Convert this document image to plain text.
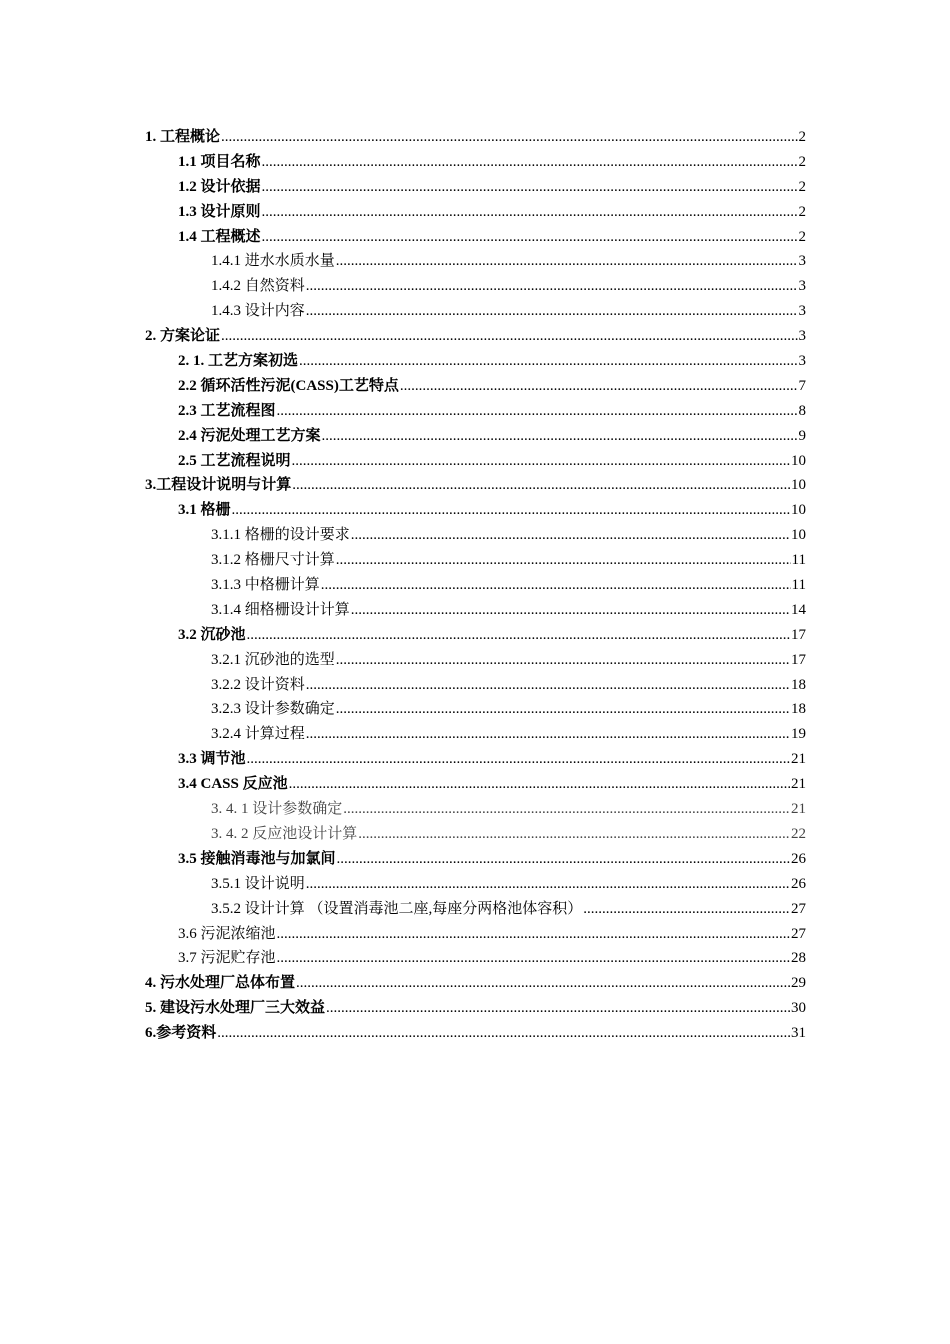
1. 工程概论 .....	2
1.1 项目名称 .....	2
1.2 设计依据 .....	2
1.3 设计原则 .....	2
1.4 工程概述 .....	2
1.4.1 进水水质水量 .....	3
1.4.2 自然资料 .....	3
1.4.3 设计内容 .....	3
2. 方案论证 .....	3
2. 1. 工艺方案初选 .....	3
2.2 循环活性污泥(CASS)工艺特点 .....	7
2.3 工艺流程图 .....	8
2.4 污泥处理工艺方案 .....	9
2.5 工艺流程说明 .....	10
3.工程设计说明与计算 .....	10
3.1 格栅 .....	10
3.1.1 格栅的设计要求 .....	10
3.1.2 格栅尺寸计算 .....	11
3.1.3 中格栅计算 .....	11
3.1.4 细格栅设计计算 .....	14
3.2 沉砂池 .....	17
3.2.1 沉砂池的选型 .....	17
3.2.2 设计资料 .....	18
3.2.3 设计参数确定 .....	18
3.2.4 计算过程 .....	19
3.3 调节池 .....	21
3.4 CASS 反应池 .....	21
3. 4. 1 设计参数确定 .....	21
3. 4. 2 反应池设计计算 .....	22
3.5 接触消毒池与加氯间 .....	26
3.5.1 设计说明 .....	26
3.5.2 设计计算 （设置消毒池二座,每座分两格池体容积） .....	27
3.6 污泥浓缩池 .....	27
3.7 污泥贮存池 .....	28
4. 污水处理厂总体布置 .....	29
5. 建设污水处理厂三大效益 .....	30
6.参考资料 .....	31
